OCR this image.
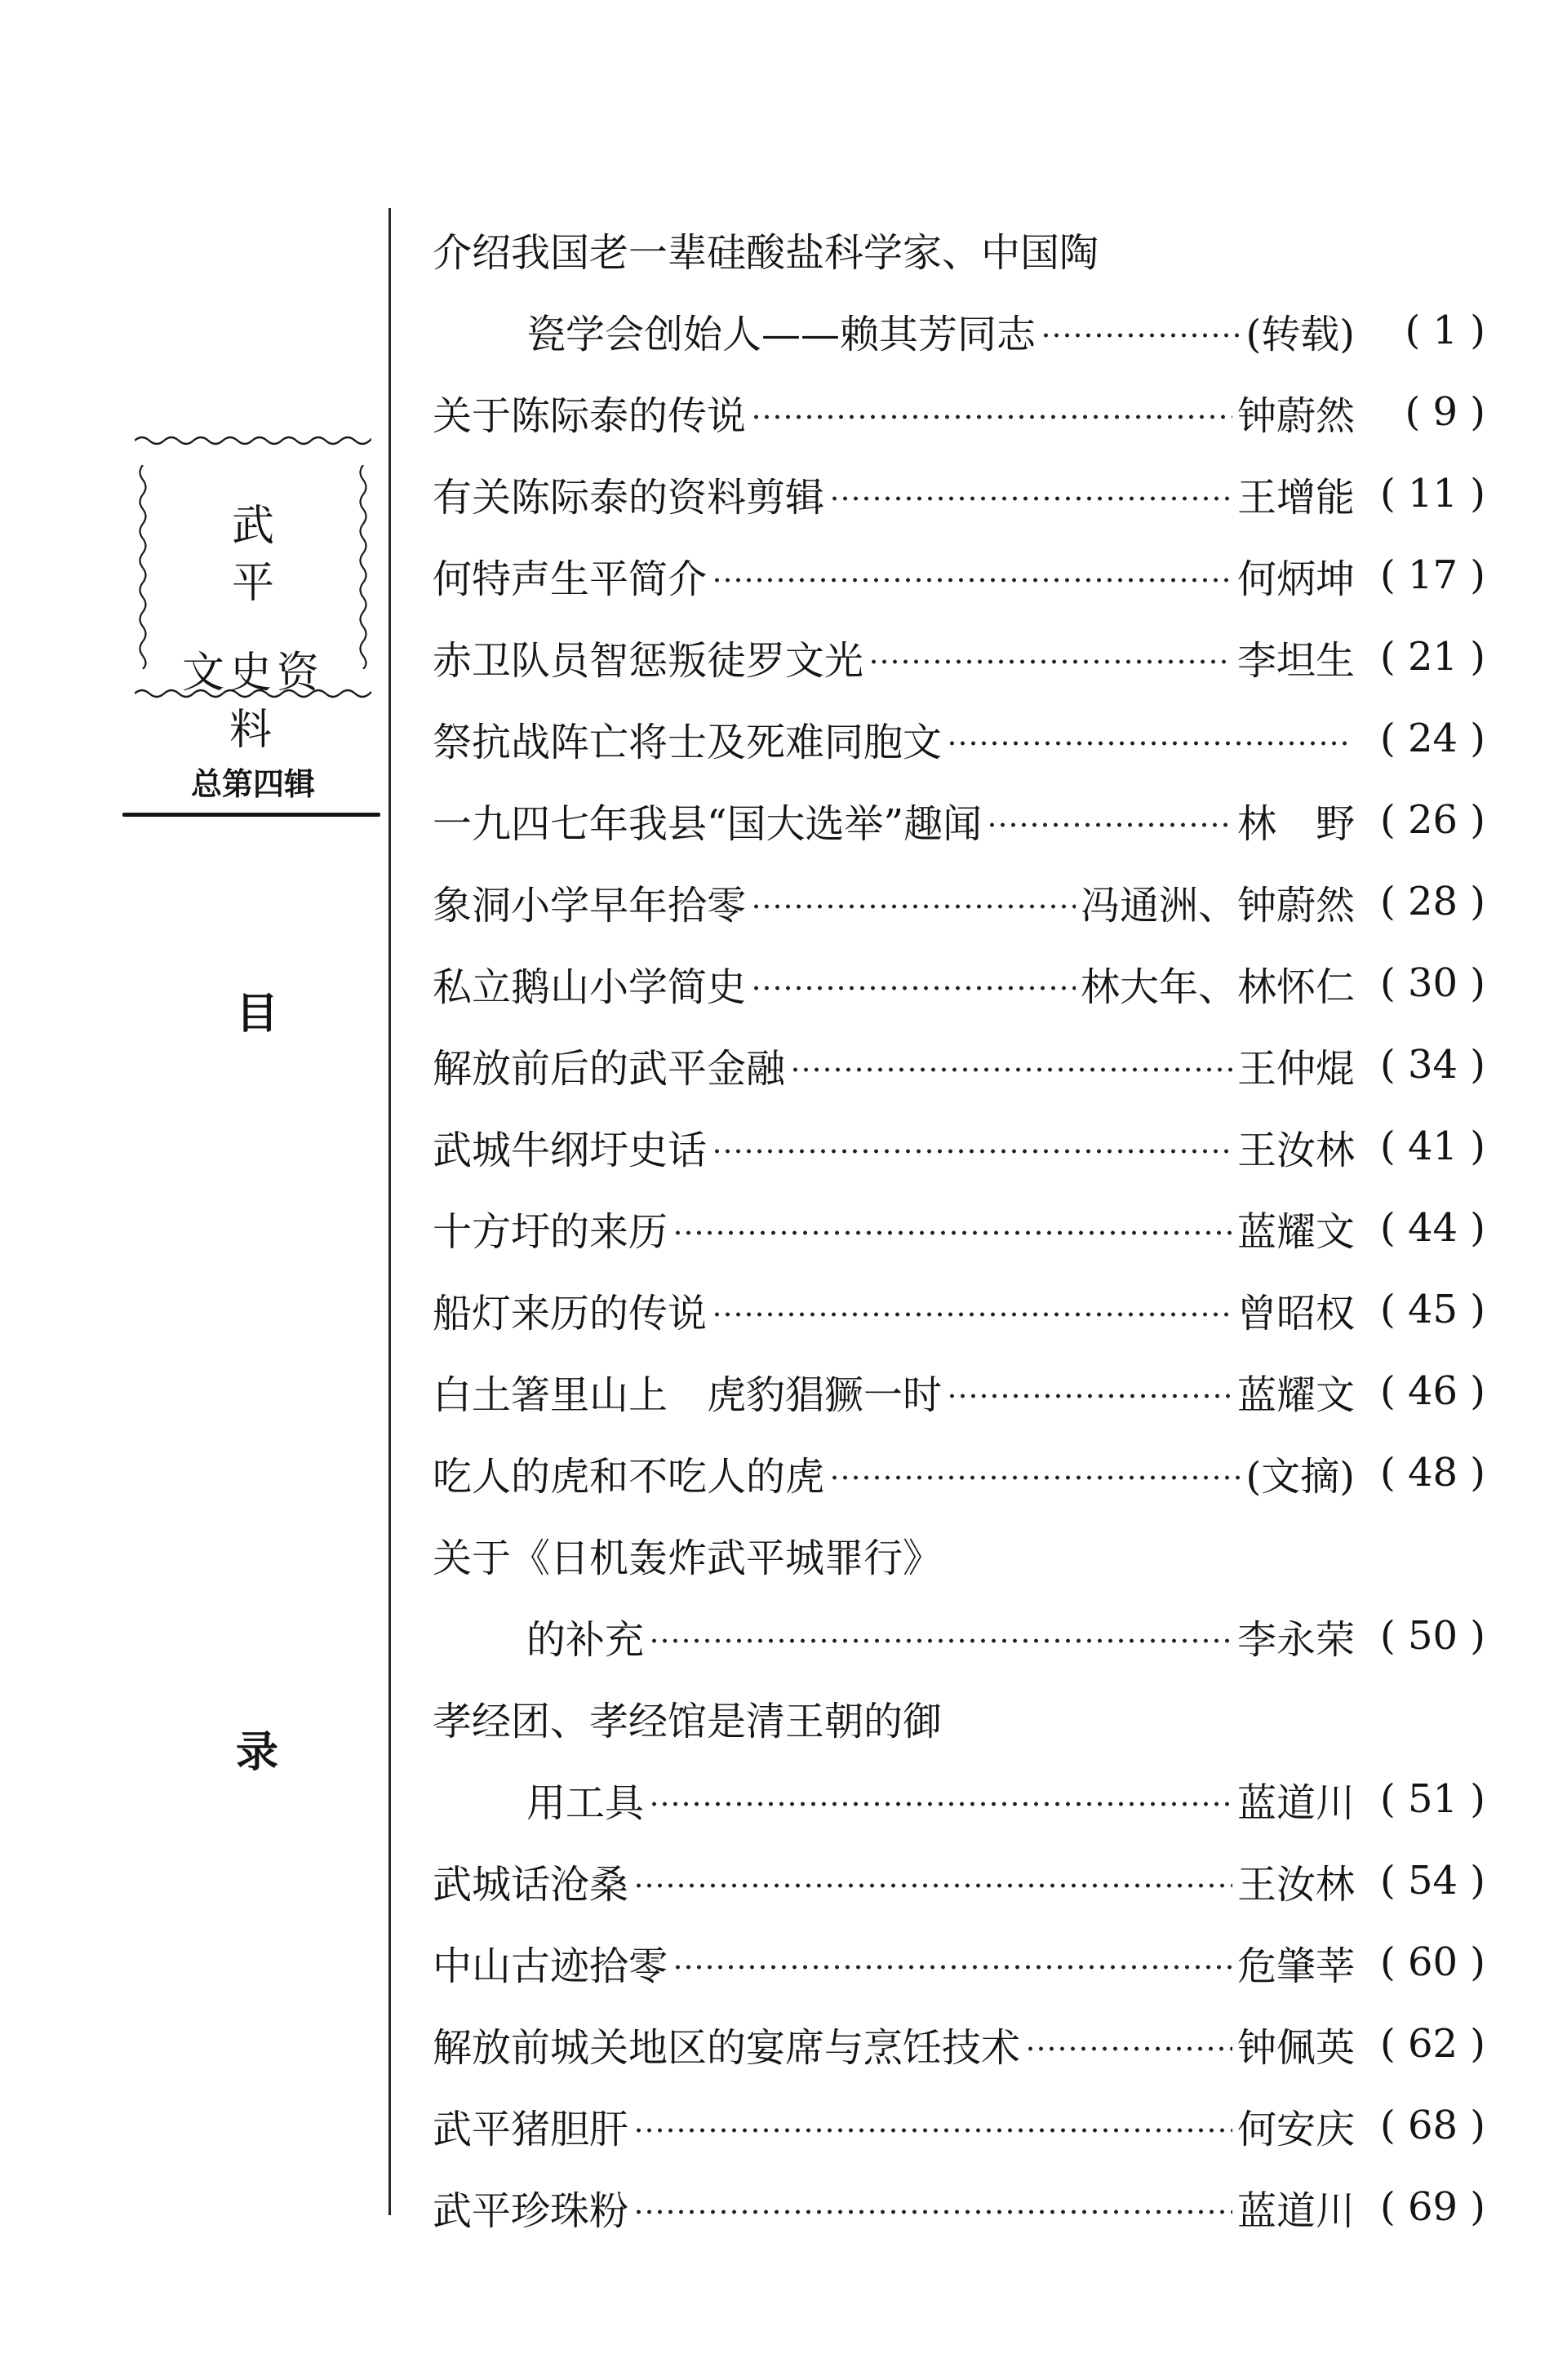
武 平
文史资料
总第四辑
目
录
介绍我国老一辈硅酸盐科学家、中国陶
瓷学会创始人——赖其芳同志	(转载)	( 1 )
关于陈际泰的传说	钟蔚然	( 9 )
有关陈际泰的资料剪辑	王增能 ( 11 )
何特声生平简介	何炳坤 ( 17 )
赤卫队员智惩叛徒罗文光	李坦生 ( 21 )
祭抗战阵亡将士及死难同胞文	( 24 )
一九四七年我县“国大选举”趣闻	林　野 ( 26 )
象洞小学早年拾零	冯通洲、钟蔚然 ( 28 )
私立鹅山小学简史	林大年、林怀仁 ( 30 )
解放前后的武平金融	王仲焜 ( 34 )
武城牛纲圩史话	王汝林 ( 41 )
十方圩的来历	蓝耀文 ( 44 )
船灯来历的传说	曾昭权 ( 45 )
白土箸里山上　虎豹猖獗一时	蓝耀文 ( 46 )
吃人的虎和不吃人的虎	(文摘) ( 48 )
关于《日机轰炸武平城罪行》
的补充	李永荣 ( 50 )
孝经团、孝经馆是清王朝的御
用工具	蓝道川 ( 51 )
武城话沧桑	王汝林 ( 54 )
中山古迹拾零	危肇莘 ( 60 )
解放前城关地区的宴席与烹饪技术	钟佩英 ( 62 )
武平猪胆肝	何安庆 ( 68 )
武平珍珠粉	蓝道川 ( 69 )
